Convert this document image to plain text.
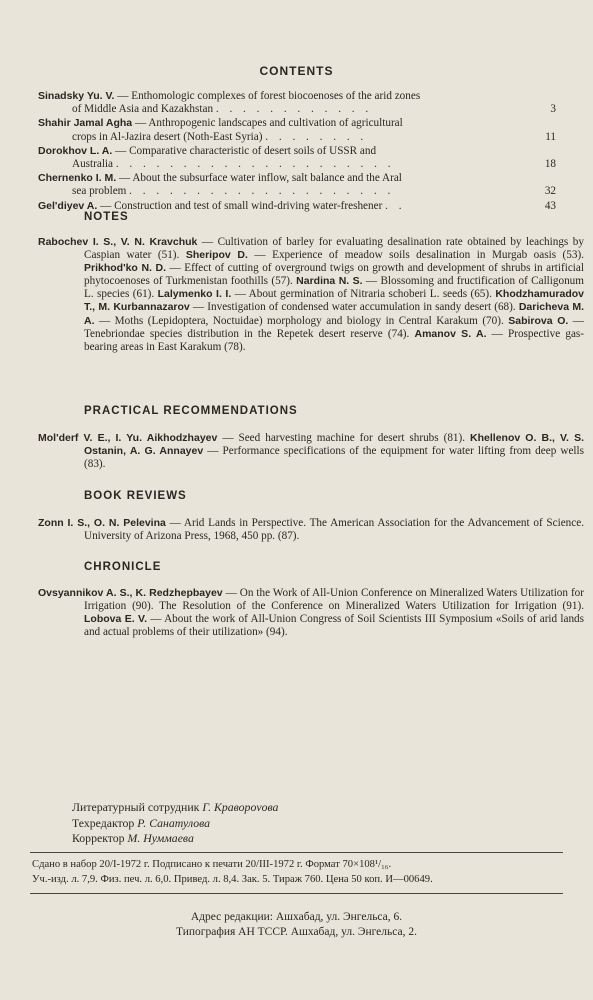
CONTENTS
Sinadsky Yu. V. — Enthomologic complexes of forest biocoenoses of the arid zones
of Middle Asia and Kazakhstan . . . . . . . . . . . .	3
Shahir Jamal Agha — Anthropogenic landscapes and cultivation of agricultural
crops in Al-Jazira desert (Noth-East Syria) . . . . . . . .	11
Dorokhov L. A. — Comparative characteristic of desert soils of USSR and
Australia . . . . . . . . . . . . . . . . . . . . .	18
Chernenko I. M. — About the subsurface water inflow, salt balance and the Aral
sea problem . . . . . . . . . . . . . . . . . . . .	32
Gel'diyev A. — Construction and test of small wind-driving water-freshener . .	43
NOTES
Rabochev I. S., V. N. Kravchuk — Cultivation of barley for evaluating desalination rate obtained by leachings by Caspian water (51). Sheripov D. — Experience of meadow soils desalination in Murgab oasis (53). Prikhod'ko N. D. — Effect of cutting of overground twigs on growth and development of shrubs in artificial phytocoenoses of Turkmenistan foothills (57). Nardina N. S. — Blossoming and fructification of Calligonum L. species (61). Lalymenko I. I. — About germination of Nitraria schoberi L. seeds (65). Khodzhamuradov T., M. Kurbannazarov — Investigation of condensed water accumulation in sandy desert (68). Daricheva M. A. — Moths (Lepidoptera, Noctuidae) morphology and biology in Central Karakum (70). Sabirova O. — Tenebriondae species distribution in the Repetek desert reserve (74). Amanov S. A. — Prospective gas-bearing areas in East Karakum (78).
PRACTICAL RECOMMENDATIONS
Mol'derf V. E., I. Yu. Aikhodzhayev — Seed harvesting machine for desert shrubs (81). Khellenov O. B., V. S. Ostanin, A. G. Annayev — Performance specifications of the equipment for water lifting from deep wells (83).
BOOK REVIEWS
Zonn I. S., O. N. Pelevina — Arid Lands in Perspective. The American Association for the Advancement of Science. University of Arizona Press, 1968, 450 pp. (87).
CHRONICLE
Ovsyannikov A. S., K. Redzhepbayev — On the Work of All-Union Conference on Mineralized Waters Utilization for Irrigation (90). The Resolution of the Conference on Mineralized Waters Utilization for Irrigation (91). Lobova E. V. — About the work of All-Union Congress of Soil Scientists III Symposium «Soils of arid lands and actual problems of their utilization» (94).
Литературный сотрудник Г. Кравороvова
Техредактор Р. Санатулова
Корректор М. Нуммаева
Сдано в набор 20/I-1972 г. Подписано к печати 20/III-1972 г. Формат 70×108¹/₁₆.
Уч.-изд. л. 7,9. Физ. печ. л. 6,0. Привед. л. 8,4. Зак. 5. Тираж 760. Цена 50 коп. И—00649.
Адрес редакции: Ашхабад, ул. Энгельса, 6.
Типография АН ТССР. Ашхабад, ул. Энгельса, 2.
